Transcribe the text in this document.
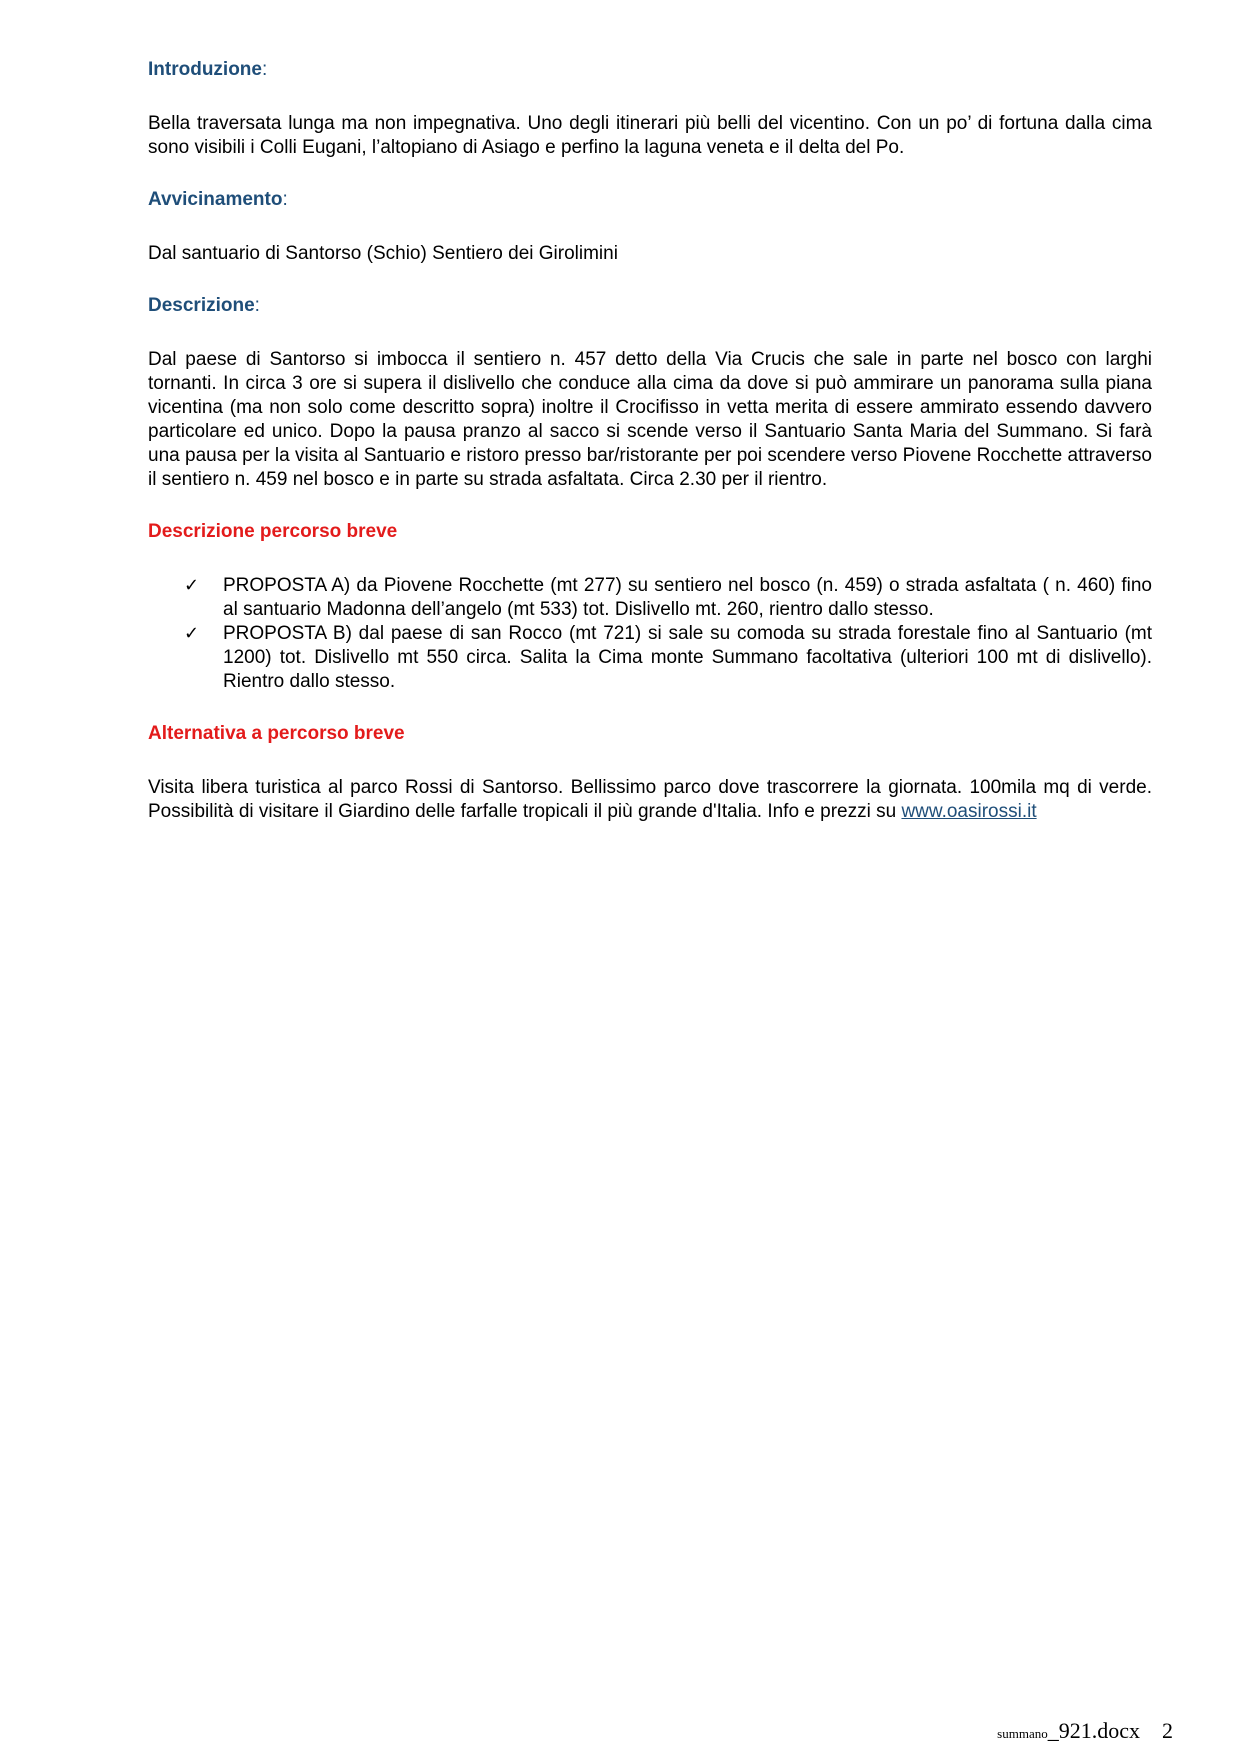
Introduzione:

Bella traversata lunga ma non impegnativa. Uno degli itinerari più belli del vicentino. Con un po’ di fortuna dalla cima sono visibili i Colli Eugani, l’altopiano di Asiago e perfino la laguna veneta e il delta del Po.

Avvicinamento:

Dal santuario di Santorso (Schio) Sentiero dei Girolimini

Descrizione:

Dal paese di Santorso si imbocca il sentiero n. 457 detto della Via Crucis che sale in parte nel bosco con larghi tornanti. In circa 3 ore si supera il dislivello che conduce alla cima da dove si può ammirare un panorama sulla piana vicentina (ma non solo come descritto sopra) inoltre il Crocifisso in vetta merita di essere ammirato essendo davvero particolare ed unico. Dopo la pausa pranzo al sacco si scende verso il Santuario Santa Maria del Summano. Si farà una pausa per la visita al Santuario e ristoro presso bar/ristorante per poi scendere verso Piovene Rocchette attraverso il sentiero n. 459 nel bosco e in parte su strada asfaltata. Circa 2.30 per il rientro.

Descrizione percorso breve
✓ PROPOSTA A) da Piovene Rocchette (mt 277) su sentiero nel bosco (n. 459) o strada asfaltata ( n. 460) fino al santuario Madonna dell’angelo (mt 533) tot. Dislivello mt. 260, rientro dallo stesso.
✓ PROPOSTA B) dal paese di san Rocco (mt 721) si sale su comoda su strada forestale fino al Santuario (mt 1200) tot. Dislivello mt 550 circa. Salita la Cima monte Summano facoltativa (ulteriori 100 mt di dislivello). Rientro dallo stesso.
Alternativa a percorso breve

Visita libera turistica al parco Rossi di Santorso. Bellissimo parco dove trascorrere la giornata. 100mila mq di verde. Possibilità di visitare il Giardino delle farfalle tropicali il più grande d'Italia. Info e prezzi su www.oasirossi.it

summano_921.docx 2
